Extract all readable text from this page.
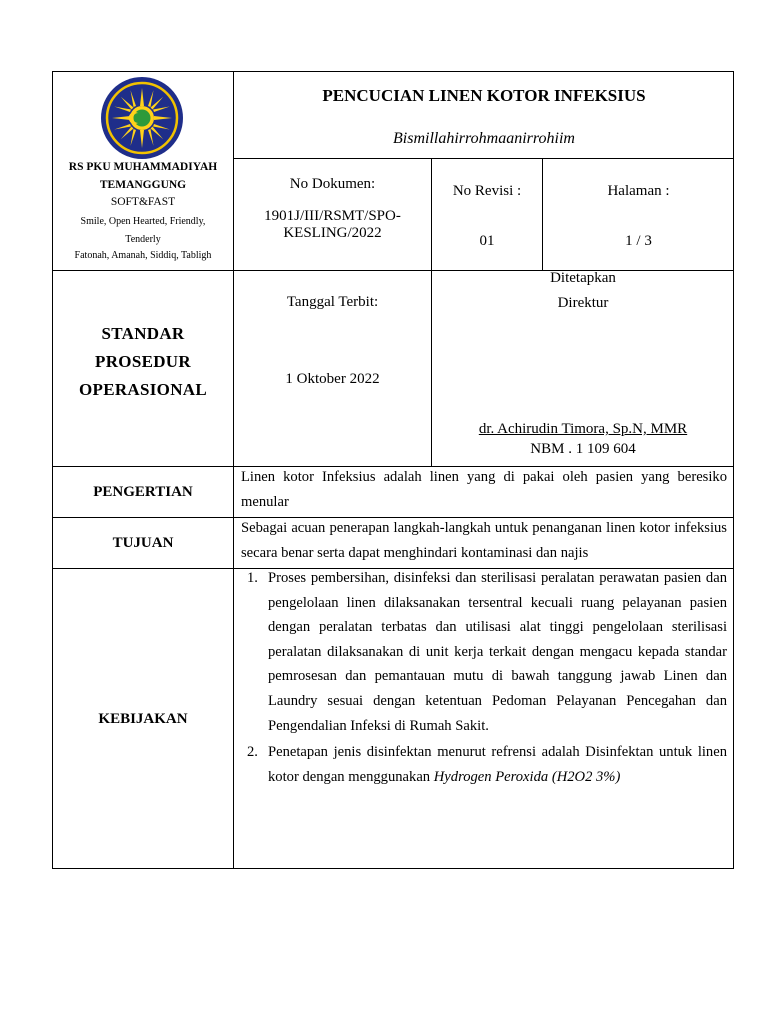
RS PKU MUHAMMADIYAH
TEMANGGUNG
SOFT&FAST
Smile, Open Hearted, Friendly,
Tenderly
Fatonah, Amanah, Siddiq, Tabligh
PENCUCIAN LINEN KOTOR INFEKSIUS
Bismillahirrohmaanirrohiim
No Dokumen:
1901J/III/RSMT/SPO-
KESLING/2022
No Revisi :
01
Halaman :
1 / 3
STANDAR
PROSEDUR
OPERASIONAL
Tanggal Terbit:
1 Oktober 2022
Ditetapkan
Direktur
dr. Achirudin Timora, Sp.N, MMR
NBM . 1 109 604
PENGERTIAN
Linen kotor Infeksius adalah linen yang di pakai oleh pasien yang beresiko menular
TUJUAN
Sebagai acuan penerapan langkah-langkah untuk penanganan linen kotor infeksius secara benar serta dapat menghindari kontaminasi dan najis
KEBIJAKAN
1. Proses pembersihan, disinfeksi dan sterilisasi peralatan perawatan pasien dan pengelolaan linen dilaksanakan tersentral kecuali ruang pelayanan pasien dengan peralatan terbatas dan utilisasi alat tinggi pengelolaan sterilisasi peralatan dilaksanakan di unit kerja terkait dengan mengacu kepada standar pemrosesan dan pemantauan mutu di bawah tanggung jawab Linen dan Laundry sesuai dengan ketentuan Pedoman Pelayanan Pencegahan dan Pengendalian Infeksi di Rumah Sakit.
2. Penetapan jenis disinfektan menurut refrensi adalah Disinfektan untuk linen kotor dengan menggunakan Hydrogen Peroxida (H2O2 3%)
